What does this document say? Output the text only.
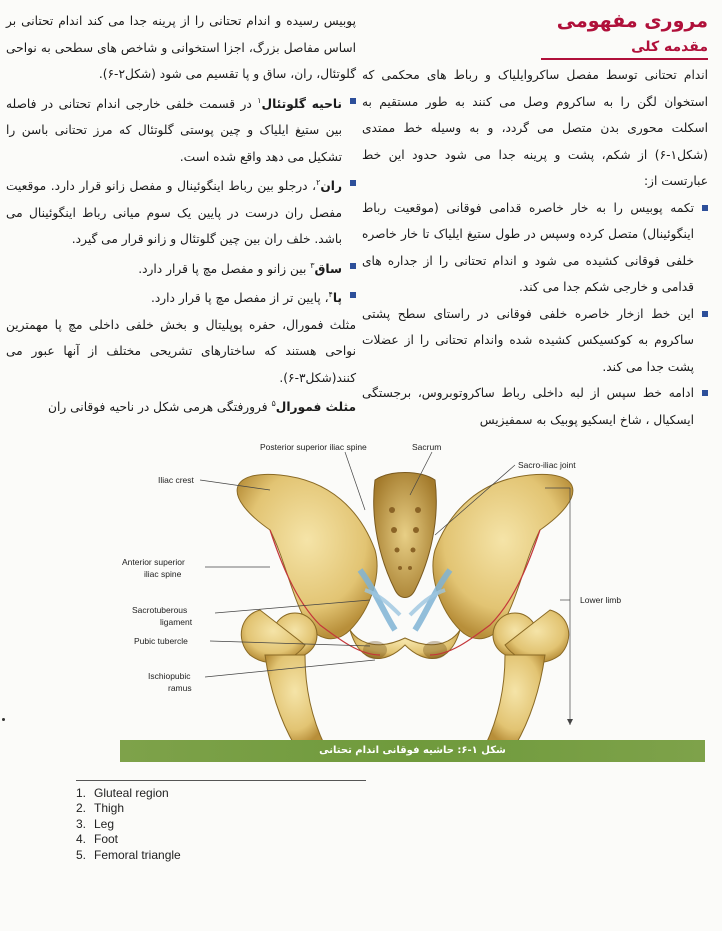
مروری مفهومی

مقدمه کلی

اندام تحتانی توسط مفصل ساکروایلیاک و رباط های محکمی که استخوان لگن را به ساکروم وصل می کنند به طور مستقیم به اسکلت محوری بدن متصل می گردد، و به وسیله خط ممتدی (شکل۱-۶) از شکم، پشت و پرینه جدا می شود حدود این خط عبارتست از:

تکمه پوبیس را به خار خاصره قدامی فوقانی (موقعیت رباط اینگوئینال) متصل کرده وسپس در طول ستیغ ایلیاک تا خار خاصره خلفی فوقانی کشیده می شود و اندام تحتانی را از جداره های قدامی و خارجی شکم جدا می کند.

این خط ازخار خاصره خلفی فوقانی در راستای سطح پشتی ساکروم به کوکسیکس کشیده شده واندام تحتانی را از عضلات پشت جدا می کند.

ادامه خط سپس از لبه داخلی رباط ساکروتوبروس، برجستگی ایسکیال ، شاخ ایسکیو پوبیک به سمفیزیس

پوبیس رسیده و اندام تحتانی را از پرینه جدا می کند اندام تحتانی بر اساس مفاصل بزرگ، اجزا استخوانی و شاخص های سطحی به نواحی گلوتئال، ران، ساق و پا تقسیم می شود (شکل۲-۶).

ناحیه گلوتئال$^۱$ در قسمت خلفی خارجی اندام تحتانی در فاصله بین ستیغ ایلیاک و چین پوستی گلوتئال که مرز تحتانی باسن را تشکیل می دهد واقع شده است.

ران$^۲$، درجلو بین رباط اینگوئینال و مفصل زانو قرار دارد. موقعیت مفصل ران درست در پایین یک سوم میانی رباط اینگوئینال می باشد. خلف ران بین چین گلوتئال و زانو قرار می گیرد.

ساق$^۳$ بین زانو و مفصل مچ پا قرار دارد.

پا$^۴$، پایین تر از مفصل مچ پا قرار دارد.

مثلث فمورال، حفره پوپلیتال و بخش خلفی داخلی مچ پا مهمترین نواحی هستند که ساختارهای تشریحی مختلف از آنها عبور می کنند(شکل۳-۶).

مثلث فمورال$^۵$ فرورفتگی هرمی شکل در ناحیه فوقانی ران

Posterior superior iliac spine	Sacrum
Sacro-iliac joint
Iliac crest
Anterior superior
iliac spine
Sacrotuberous
ligament
Pubic tubercle
Ischiopubic
ramus
Lower limb
شکل ۱-۶: حاشیه فوقانی اندام تحتانی
1. Gluteal region
2. Thigh
3. Leg
4. Foot
5. Femoral triangle
